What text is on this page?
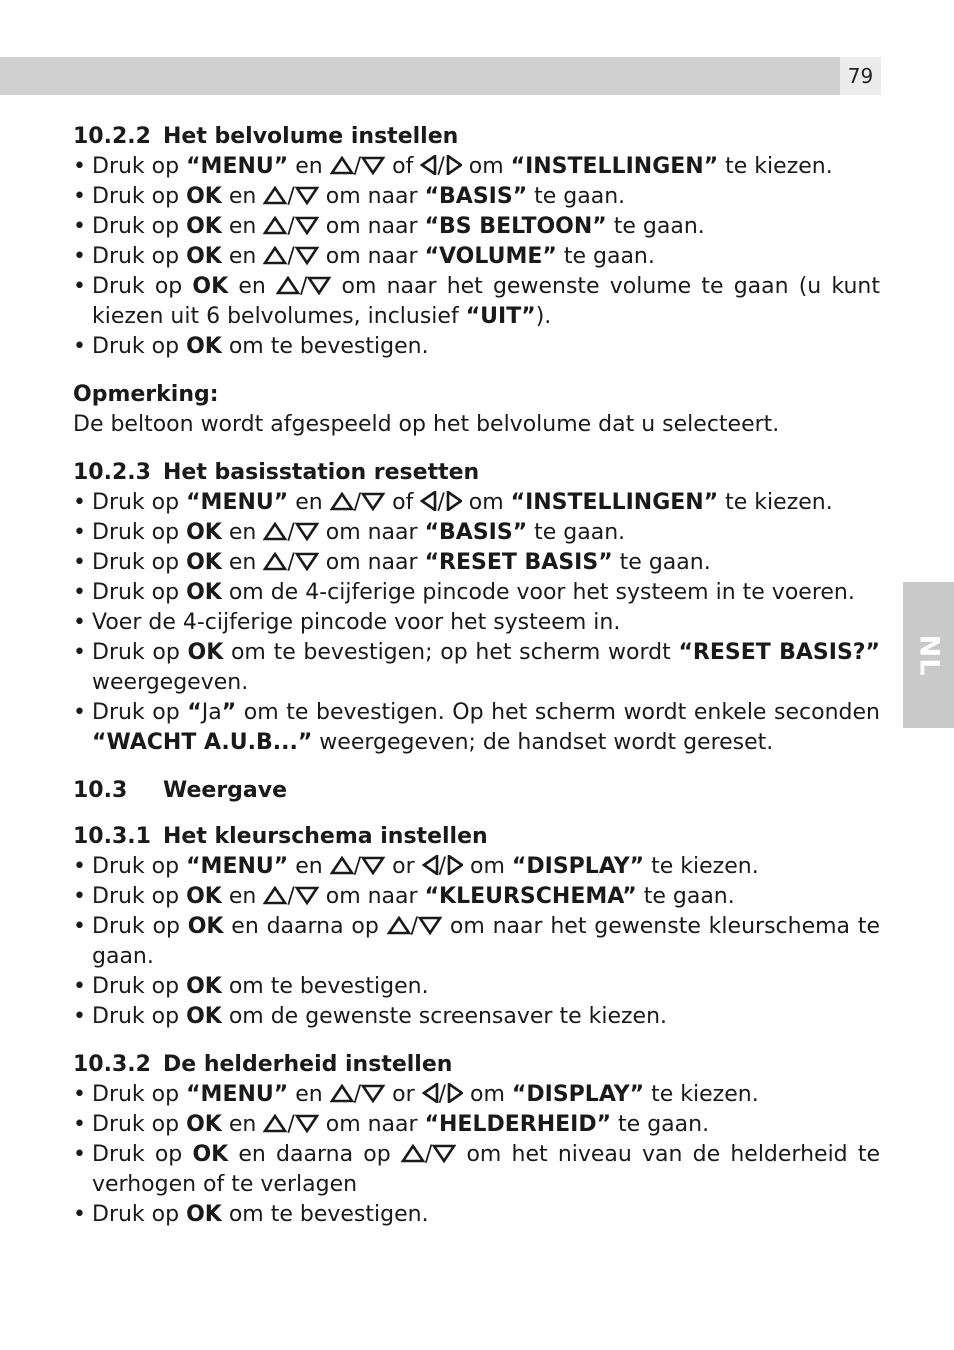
79
NL
10.2.2 Het belvolume instellen
• Druk op “MENU” en / of / om “INSTELLINGEN” te kiezen.
• Druk op OK en / om naar “BASIS” te gaan.
• Druk op OK en / om naar “BS BELTOON” te gaan.
• Druk op OK en / om naar “VOLUME” te gaan.
• Druk op OK en / om naar het gewenste volume te gaan (u kunt kiezen uit 6 belvolumes, inclusief “UIT”).
• Druk op OK om te bevestigen.
Opmerking:
De beltoon wordt afgespeeld op het belvolume dat u selecteert.
10.2.3 Het basisstation resetten
• Druk op “MENU” en / of / om “INSTELLINGEN” te kiezen.
• Druk op OK en / om naar “BASIS” te gaan.
• Druk op OK en / om naar “RESET BASIS” te gaan.
• Druk op OK om de 4-cijferige pincode voor het systeem in te voeren.
• Voer de 4-cijferige pincode voor het systeem in.
• Druk op OK om te bevestigen; op het scherm wordt “RESET BASIS?” weergegeven.
• Druk op “Ja” om te bevestigen. Op het scherm wordt enkele seconden “WACHT A.U.B...” weergegeven; de handset wordt gereset.
10.3 Weergave
10.3.1 Het kleurschema instellen
• Druk op “MENU” en / or / om “DISPLAY” te kiezen.
• Druk op OK en / om naar “KLEURSCHEMA” te gaan.
• Druk op OK en daarna op / om naar het gewenste kleurschema te gaan.
• Druk op OK om te bevestigen.
• Druk op OK om de gewenste screensaver te kiezen.
10.3.2 De helderheid instellen
• Druk op “MENU” en / or / om “DISPLAY” te kiezen.
• Druk op OK en / om naar “HELDERHEID” te gaan.
• Druk op OK en daarna op / om het niveau van de helderheid te verhogen of te verlagen
• Druk op OK om te bevestigen.
